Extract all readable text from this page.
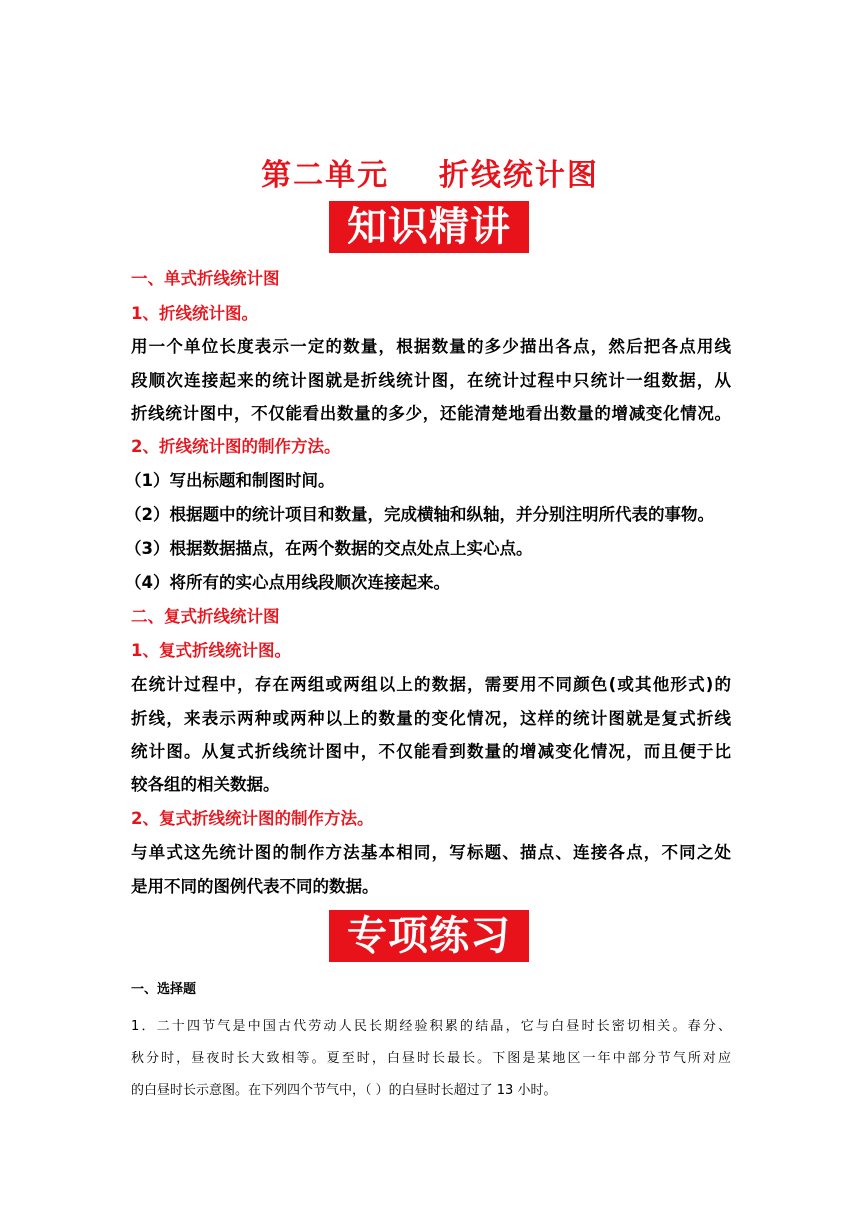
第二单元    折线统计图
知识精讲
一、单式折线统计图
1、折线统计图。
用一个单位长度表示一定的数量，根据数量的多少描出各点，然后把各点用线
段顺次连接起来的统计图就是折线统计图，在统计过程中只统计一组数据，从
折线统计图中，不仅能看出数量的多少，还能清楚地看出数量的增减变化情况。
2、折线统计图的制作方法。
（1）写出标题和制图时间。
（2）根据题中的统计项目和数量，完成横轴和纵轴，并分别注明所代表的事物。
（3）根据数据描点，在两个数据的交点处点上实心点。
（4）将所有的实心点用线段顺次连接起来。
二、复式折线统计图
1、复式折线统计图。
在统计过程中，存在两组或两组以上的数据，需要用不同颜色(或其他形式)的
折线，来表示两种或两种以上的数量的变化情况，这样的统计图就是复式折线
统计图。从复式折线统计图中，不仅能看到数量的增减变化情况，而且便于比
较各组的相关数据。
2、复式折线统计图的制作方法。
与单式这先统计图的制作方法基本相同，写标题、描点、连接各点，不同之处
是用不同的图例代表不同的数据。
专项练习
一、选择题
1．二十四节气是中国古代劳动人民长期经验积累的结晶，它与白昼时长密切相关。春分、
秋分时，昼夜时长大致相等。夏至时，白昼时长最长。下图是某地区一年中部分节气所对应
的白昼时长示意图。在下列四个节气中，（ ）的白昼时长超过了 13 小时。
